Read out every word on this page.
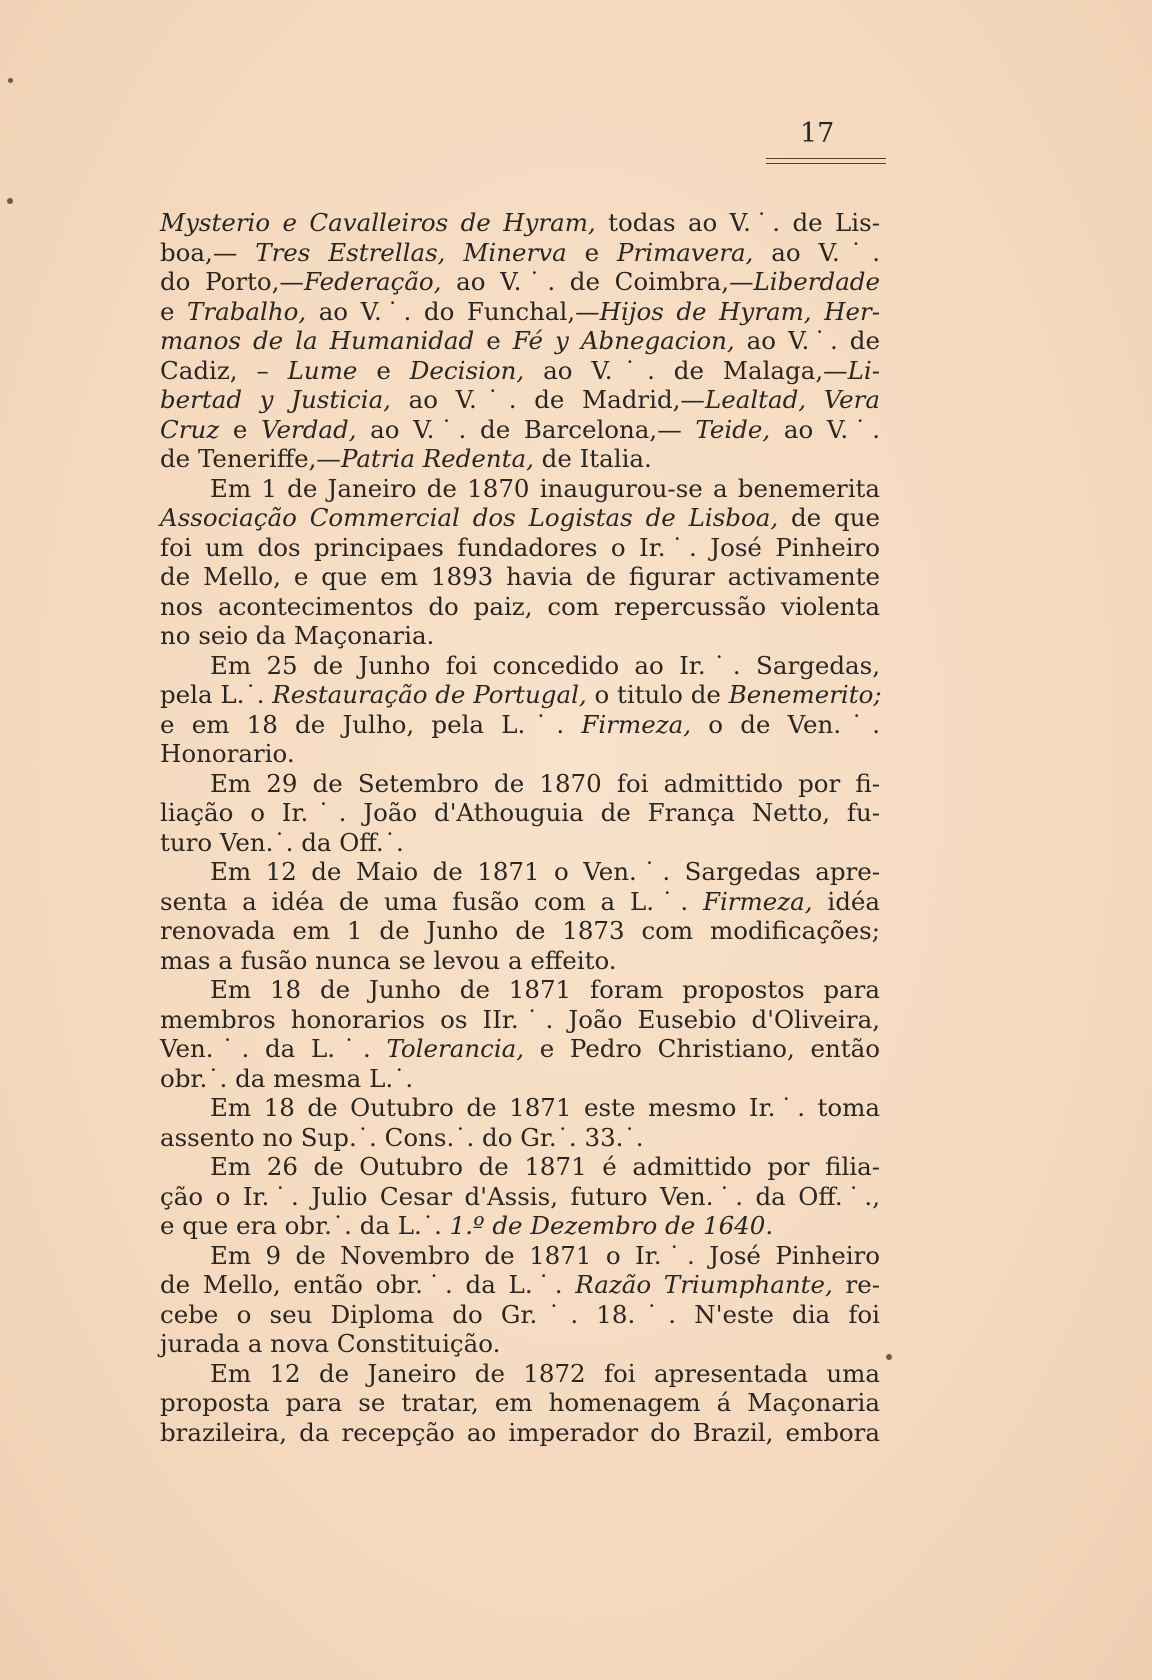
17
Mysterio e Cavalleiros de Hyram, todas ao V.˙. de Lis-
boa,— Tres Estrellas, Minerva e Primavera, ao V.˙.
do Porto,—Federação, ao V.˙. de Coimbra,—Liberdade
e Trabalho, ao V.˙. do Funchal,—Hijos de Hyram, Her-
manos de la Humanidad e Fé y Abnegacion, ao V.˙. de
Cadiz, – Lume e Decision, ao V.˙. de Malaga,—Li-
bertad y Justicia, ao V.˙. de Madrid,—Lealtad, Vera
Cruz e Verdad, ao V.˙. de Barcelona,— Teide, ao V.˙.
de Teneriffe,—Patria Redenta, de Italia.
Em 1 de Janeiro de 1870 inaugurou-se a benemerita
Associação Commercial dos Logistas de Lisboa, de que
foi um dos principaes fundadores o Ir.˙. José Pinheiro
de Mello, e que em 1893 havia de figurar activamente
nos acontecimentos do paiz, com repercussão violenta
no seio da Maçonaria.
Em 25 de Junho foi concedido ao Ir.˙. Sargedas,
pela L.˙. Restauração de Portugal, o titulo de Benemerito;
e em 18 de Julho, pela L.˙. Firmeza, o de Ven.˙.
Honorario.
Em 29 de Setembro de 1870 foi admittido por fi-
liação o Ir.˙. João d'Athouguia de França Netto, fu-
turo Ven.˙. da Off.˙.
Em 12 de Maio de 1871 o Ven.˙. Sargedas apre-
senta a idéa de uma fusão com a L.˙. Firmeza, idéa
renovada em 1 de Junho de 1873 com modificações;
mas a fusão nunca se levou a effeito.
Em 18 de Junho de 1871 foram propostos para
membros honorarios os IIr.˙. João Eusebio d'Oliveira,
Ven.˙. da L.˙. Tolerancia, e Pedro Christiano, então
obr.˙. da mesma L.˙.
Em 18 de Outubro de 1871 este mesmo Ir.˙. toma
assento no Sup.˙. Cons.˙. do Gr.˙. 33.˙.
Em 26 de Outubro de 1871 é admittido por filia-
ção o Ir.˙. Julio Cesar d'Assis, futuro Ven.˙. da Off.˙.,
e que era obr.˙. da L.˙. 1.º de Dezembro de 1640.
Em 9 de Novembro de 1871 o Ir.˙. José Pinheiro
de Mello, então obr.˙. da L.˙. Razão Triumphante, re-
cebe o seu Diploma do Gr.˙. 18.˙. N'este dia foi
jurada a nova Constituição.
Em 12 de Janeiro de 1872 foi apresentada uma
proposta para se tratar, em homenagem á Maçonaria
brazileira, da recepção ao imperador do Brazil, embora
